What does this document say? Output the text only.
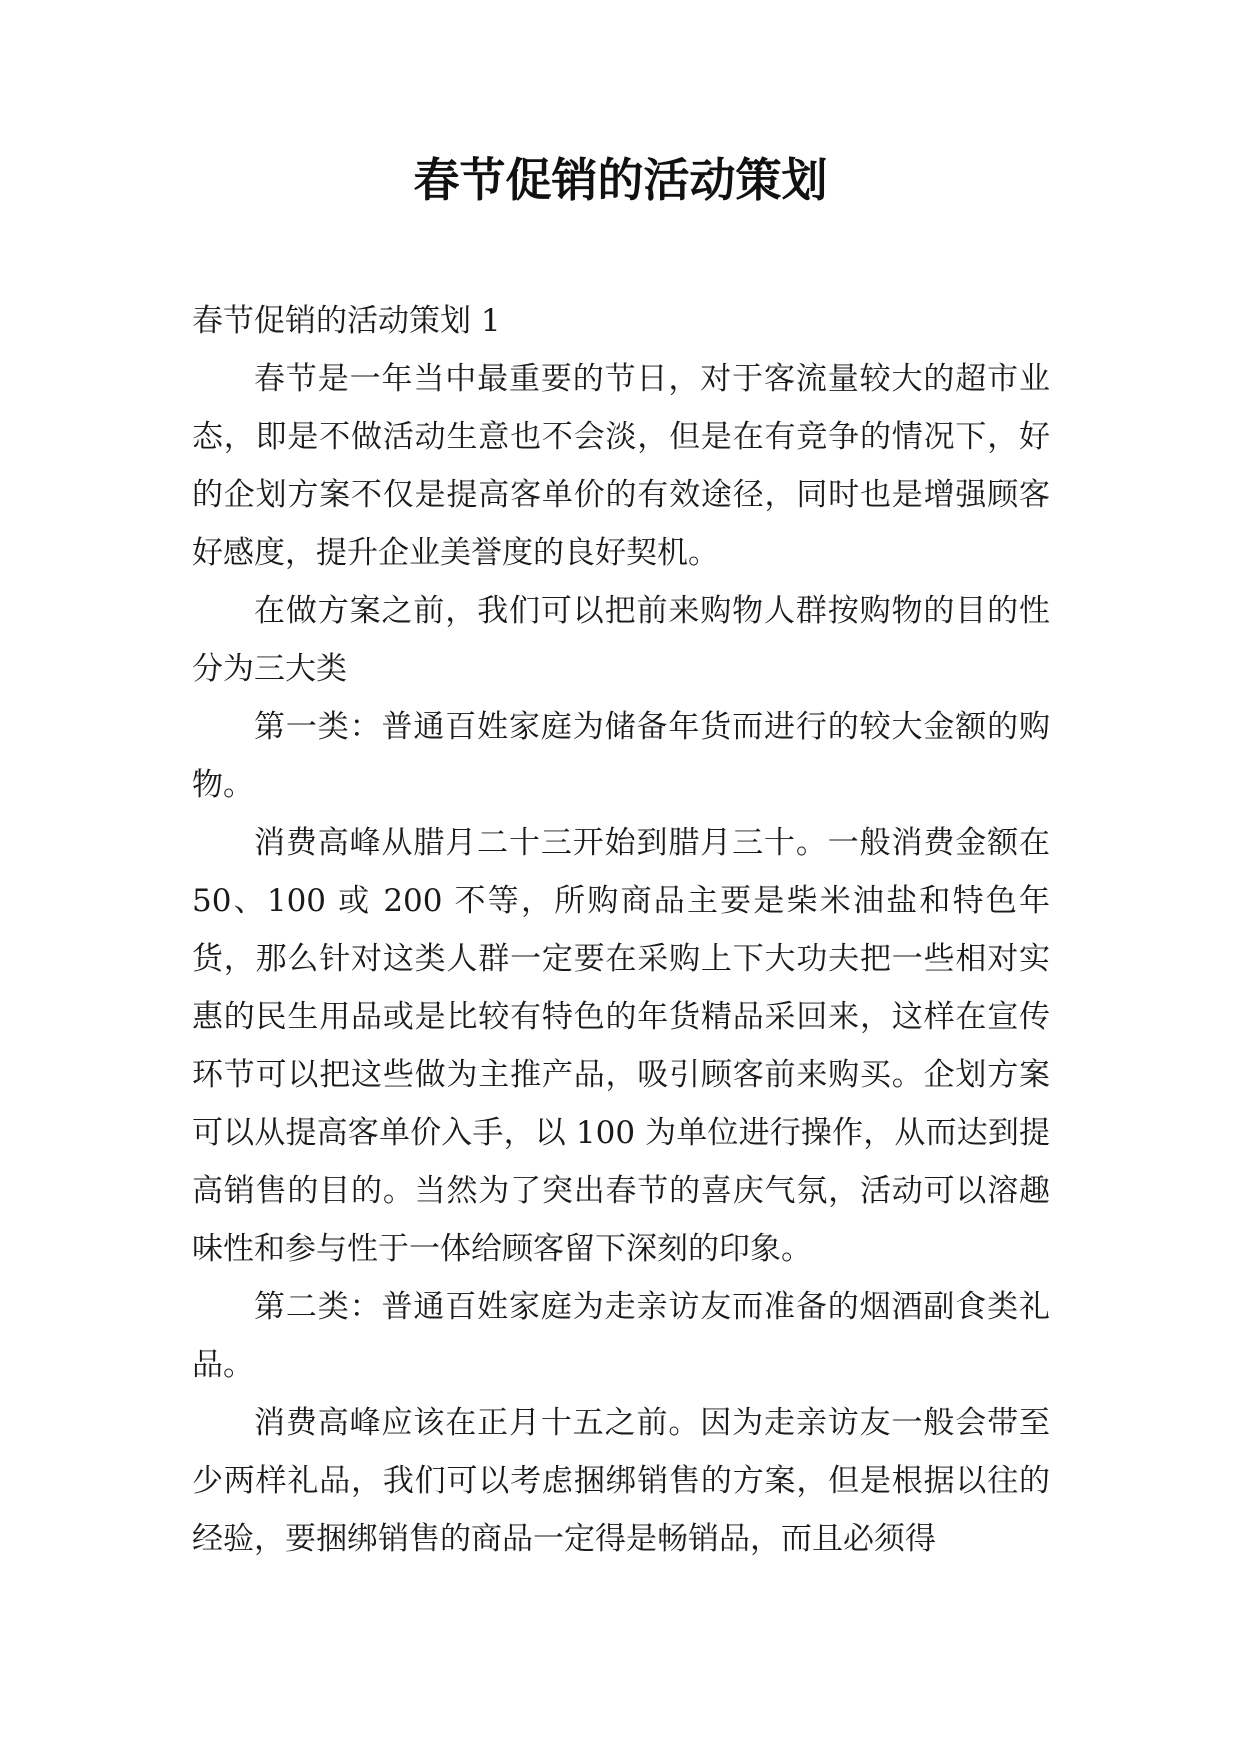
春节促销的活动策划

春节促销的活动策划 1

春节是一年当中最重要的节日，对于客流量较大的超市业态，即是不做活动生意也不会淡，但是在有竞争的情况下，好的企划方案不仅是提高客单价的有效途径，同时也是增强顾客好感度，提升企业美誉度的良好契机。

在做方案之前，我们可以把前来购物人群按购物的目的性分为三大类

第一类：普通百姓家庭为储备年货而进行的较大金额的购物。

消费高峰从腊月二十三开始到腊月三十。一般消费金额在 50、100 或 200 不等，所购商品主要是柴米油盐和特色年货，那么针对这类人群一定要在采购上下大功夫把一些相对实惠的民生用品或是比较有特色的年货精品采回来，这样在宣传环节可以把这些做为主推产品，吸引顾客前来购买。企划方案可以从提高客单价入手，以 100 为单位进行操作，从而达到提高销售的目的。当然为了突出春节的喜庆气氛，活动可以溶趣味性和参与性于一体给顾客留下深刻的印象。

第二类：普通百姓家庭为走亲访友而准备的烟酒副食类礼品。

消费高峰应该在正月十五之前。因为走亲访友一般会带至少两样礼品，我们可以考虑捆绑销售的方案，但是根据以往的经验，要捆绑销售的商品一定得是畅销品，而且必须得
